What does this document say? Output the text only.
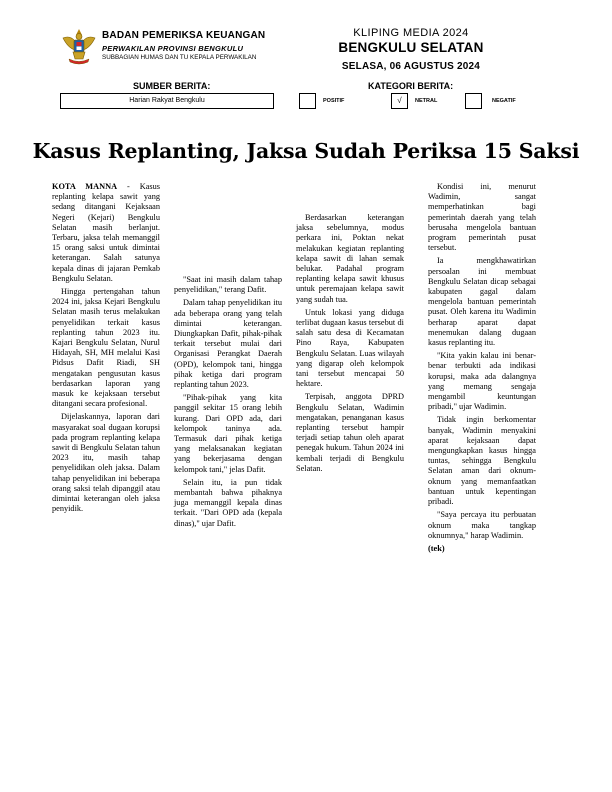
BADAN PEMERIKSA KEUANGAN
PERWAKILAN PROVINSI BENGKULU
SUBBAGIAN HUMAS DAN TU KEPALA PERWAKILAN
KLIPING MEDIA 2024
BENGKULU SELATAN
SELASA, 06 AGUSTUS 2024
SUMBER BERITA:
Harian Rakyat Bengkulu
KATEGORI BERITA:
POSITIF	√	NETRAL	NEGATIF
Kasus Replanting, Jaksa Sudah Periksa 15 Saksi

KOTA MANNA - Kasus replanting kelapa sawit yang sedang ditangani Kejaksaan Negeri (Kejari) Bengkulu Selatan masih berlanjut. Terbaru, jaksa telah memanggil 15 orang saksi untuk dimintai keterangan. Salah satunya kepala dinas di jajaran Pemkab Bengkulu Selatan.

Hingga pertengahan tahun 2024 ini, jaksa Kejari Bengkulu Selatan masih terus melakukan penyelidikan terkait kasus replanting tahun 2023 itu. Kajari Bengkulu Selatan, Nurul Hidayah, SH, MH melalui Kasi Pidsus Dafit Riadi, SH mengatakan pengusutan kasus berdasarkan laporan yang masuk ke kejaksaan tersebut ditangani secara profesional.

Dijelaskannya, laporan dari masyarakat soal dugaan korupsi pada program replanting kelapa sawit di Bengkulu Selatan tahun 2023 itu, masih tahap penyelidikan oleh jaksa. Dalam tahap penyelidikan ini beberapa orang saksi telah dipanggil atau dimintai keterangan oleh jaksa penyidik.

"Saat ini masih dalam tahap penyelidikan," terang Dafit.

Dalam tahap penyelidikan itu ada beberapa orang yang telah dimintai keterangan. Diungkapkan Dafit, pihak-pihak terkait tersebut mulai dari Organisasi Perangkat Daerah (OPD), kelompok tani, hingga pihak ketiga dari program replanting tahun 2023.

"Pihak-pihak yang kita panggil sekitar 15 orang lebih kurang. Dari OPD ada, dari kelompok taninya ada. Termasuk dari pihak ketiga yang melaksanakan kegiatan yang bekerjasama dengan kelompok tani," jelas Dafit.

Selain itu, ia pun tidak membantah bahwa pihaknya juga memanggil kepala dinas terkait. "Dari OPD ada (kepala dinas)," ujar Dafit.

Berdasarkan keterangan jaksa sebelumnya, modus perkara ini, Poktan nekat melakukan kegiatan replanting kelapa sawit di lahan semak belukar. Padahal program replanting kelapa sawit khusus untuk peremajaan kelapa sawit yang sudah tua.

Untuk lokasi yang diduga terlibat dugaan kasus tersebut di salah satu desa di Kecamatan Pino Raya, Kabupaten Bengkulu Selatan. Luas wilayah yang digarap oleh kelompok tani tersebut mencapai 50 hektare.

Terpisah, anggota DPRD Bengkulu Selatan, Wadimin mengatakan, penanganan kasus replanting tersebut hampir terjadi setiap tahun oleh aparat penegak hukum. Tahun 2024 ini kembali terjadi di Bengkulu Selatan.

Kondisi ini, menurut Wadimin, sangat memperhatinkan bagi pemerintah daerah yang telah berusaha mengelola bantuan program pemerintah pusat tersebut.

Ia mengkhawatirkan persoalan ini membuat Bengkulu Selatan dicap sebagai kabupaten gagal dalam mengelola bantuan pemerintah pusat. Oleh karena itu Wadimin berharap aparat dapat menemukan dalang dugaan kasus replanting itu.

"Kita yakin kalau ini benar-benar terbukti ada indikasi korupsi, maka ada dalangnya yang memang sengaja mengambil keuntungan pribadi," ujar Wadimin.

Tidak ingin berkomentar banyak, Wadimin menyakini aparat kejaksaan dapat mengungkapkan kasus hingga tuntas, sehingga Bengkulu Selatan aman dari oknum-oknum yang memanfaatkan bantuan untuk kepentingan pribadi.

"Saya percaya itu perbuatan oknum maka tangkap oknumnya," harap Wadimin.

(tek)
